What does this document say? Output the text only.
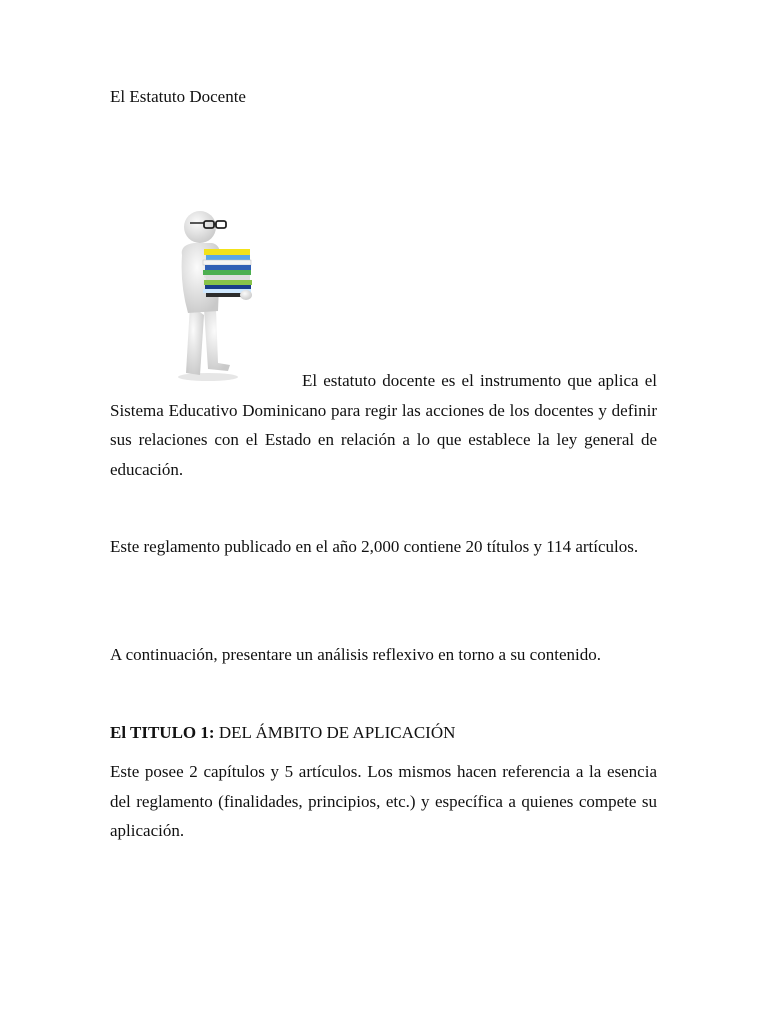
El Estatuto Docente

El estatuto docente es el instrumento que aplica el Sistema Educativo Dominicano para regir las acciones de los docentes y definir sus relaciones con el Estado en relación a lo que establece la ley general de educación.

Este reglamento publicado en el año 2,000 contiene 20 títulos y 114 artículos.

A continuación, presentare un análisis reflexivo en torno a su contenido.

El TITULO 1: DEL ÁMBITO DE APLICACIÓN

Este posee 2 capítulos y 5 artículos. Los mismos hacen referencia a la esencia del reglamento (finalidades, principios, etc.) y específica a quienes compete su aplicación.
